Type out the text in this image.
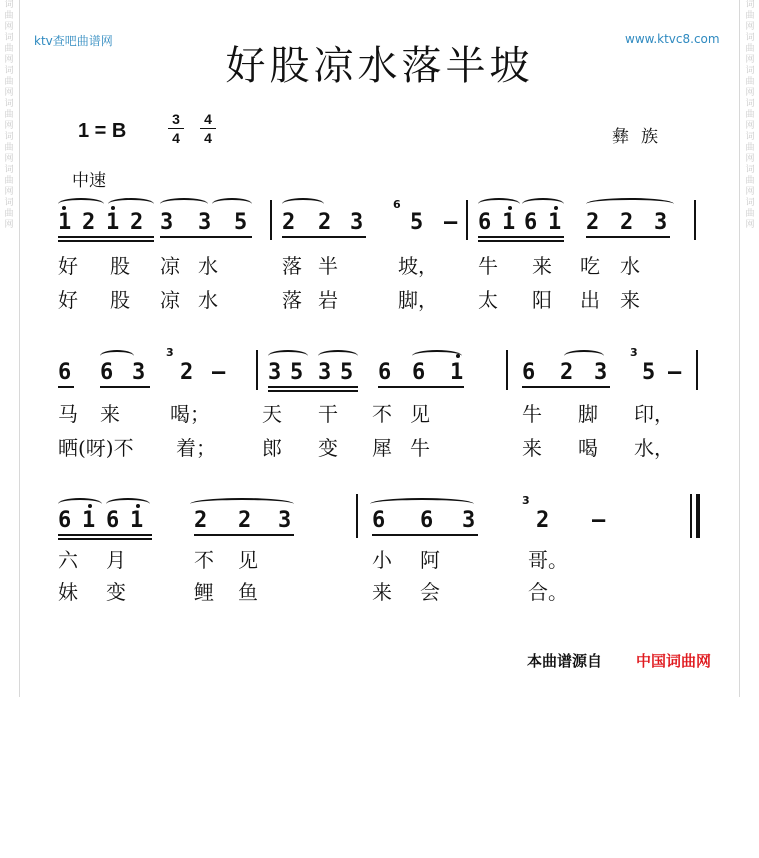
词
曲
网
词
曲
网
词
曲
网
词
曲
网
词
曲
网
词
曲
网
词
曲
网
词
曲
网
词
曲
网
词
曲
网
词
曲
网
词
曲
网
词
曲
网
词
曲
网
ktv查吧曲谱网	www.ktvc8.com
好股凉水落半坡
1 = B
3
4
4
4	彝族
中速

1

2

1

2

3

3

5

2

2

3

5

–

6

1

6

1

2

2

3

6
好 股 凉 水	落 半	坡， 牛 来 吃 水
好 股 凉 水	落 岩	脚， 太 阳 出 来

6

6

3

2

–

3

5

3

5

6

6

1

	6

2

3

5

–

3	3
马 来	喝；	天 干 不 见	牛 脚 印，
晒(呀)不 着； 郎 变 犀 牛	来 喝 水，

6

1

6

1

2

2

3

	6

6

3

	2

–

3
六 月	不 见	小 阿	哥。
妹 变	鲤 鱼	来 会	合。
本曲谱源自 中国词曲网
